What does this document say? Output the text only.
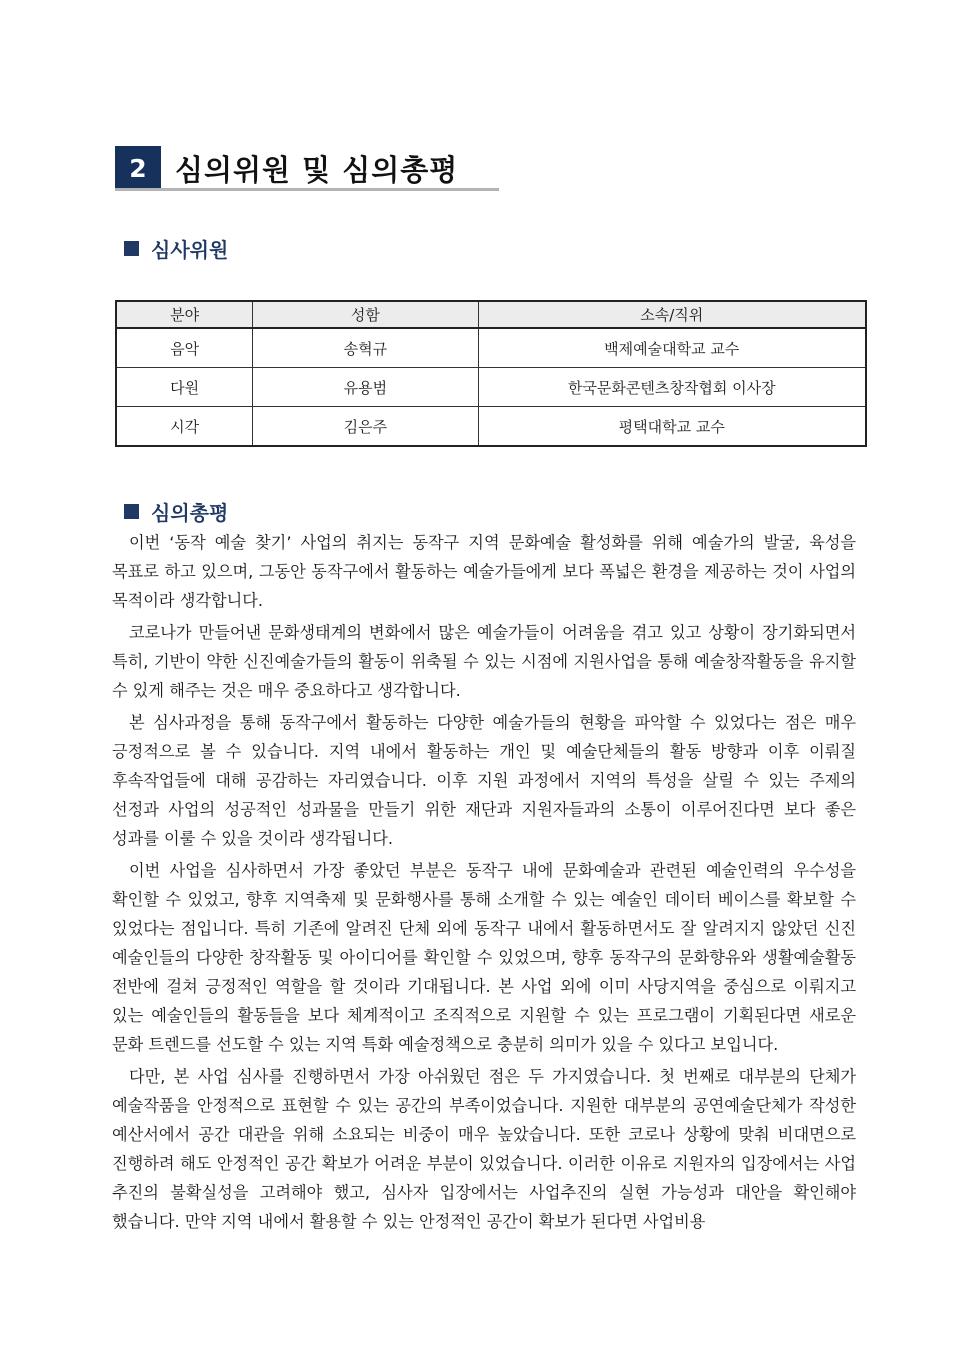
2 심의위원 및 심의총평
심사위원
분야	성함	소속/직위
음악	송혁규	백제예술대학교 교수
다원	유용범	한국문화콘텐츠창작협회 이사장
시각	김은주	평택대학교 교수
심의총평

이번 ‘동작 예술 찾기’ 사업의 취지는 동작구 지역 문화예술 활성화를 위해 예술가의 발굴, 육성을 목표로 하고 있으며, 그동안 동작구에서 활동하는 예술가들에게 보다 폭넓은 환경을 제공하는 것이 사업의 목적이라 생각합니다.

코로나가 만들어낸 문화생태계의 변화에서 많은 예술가들이 어려움을 겪고 있고 상황이 장기화되면서 특히, 기반이 약한 신진예술가들의 활동이 위축될 수 있는 시점에 지원사업을 통해 예술창작활동을 유지할 수 있게 해주는 것은 매우 중요하다고 생각합니다.

본 심사과정을 통해 동작구에서 활동하는 다양한 예술가들의 현황을 파악할 수 있었다는 점은 매우 긍정적으로 볼 수 있습니다. 지역 내에서 활동하는 개인 및 예술단체들의 활동 방향과 이후 이뤄질 후속작업들에 대해 공감하는 자리였습니다. 이후 지원 과정에서 지역의 특성을 살릴 수 있는 주제의 선정과 사업의 성공적인 성과물을 만들기 위한 재단과 지원자들과의 소통이 이루어진다면 보다 좋은 성과를 이룰 수 있을 것이라 생각됩니다.

이번 사업을 심사하면서 가장 좋았던 부분은 동작구 내에 문화예술과 관련된 예술인력의 우수성을 확인할 수 있었고, 향후 지역축제 및 문화행사를 통해 소개할 수 있는 예술인 데이터 베이스를 확보할 수 있었다는 점입니다. 특히 기존에 알려진 단체 외에 동작구 내에서 활동하면서도 잘 알려지지 않았던 신진 예술인들의 다양한 창작활동 및 아이디어를 확인할 수 있었으며, 향후 동작구의 문화향유와 생활예술활동 전반에 걸쳐 긍정적인 역할을 할 것이라 기대됩니다. 본 사업 외에 이미 사당지역을 중심으로 이뤄지고 있는 예술인들의 활동들을 보다 체계적이고 조직적으로 지원할 수 있는 프로그램이 기획된다면 새로운 문화 트렌드를 선도할 수 있는 지역 특화 예술정책으로 충분히 의미가 있을 수 있다고 보입니다.

다만, 본 사업 심사를 진행하면서 가장 아쉬웠던 점은 두 가지였습니다. 첫 번째로 대부분의 단체가 예술작품을 안정적으로 표현할 수 있는 공간의 부족이었습니다. 지원한 대부분의 공연예술단체가 작성한 예산서에서 공간 대관을 위해 소요되는 비중이 매우 높았습니다. 또한 코로나 상황에 맞춰 비대면으로 진행하려 해도 안정적인 공간 확보가 어려운 부분이 있었습니다. 이러한 이유로 지원자의 입장에서는 사업 추진의 불확실성을 고려해야 했고, 심사자 입장에서는 사업추진의 실현 가능성과 대안을 확인해야 했습니다. 만약 지역 내에서 활용할 수 있는 안정적인 공간이 확보가 된다면 사업비용
